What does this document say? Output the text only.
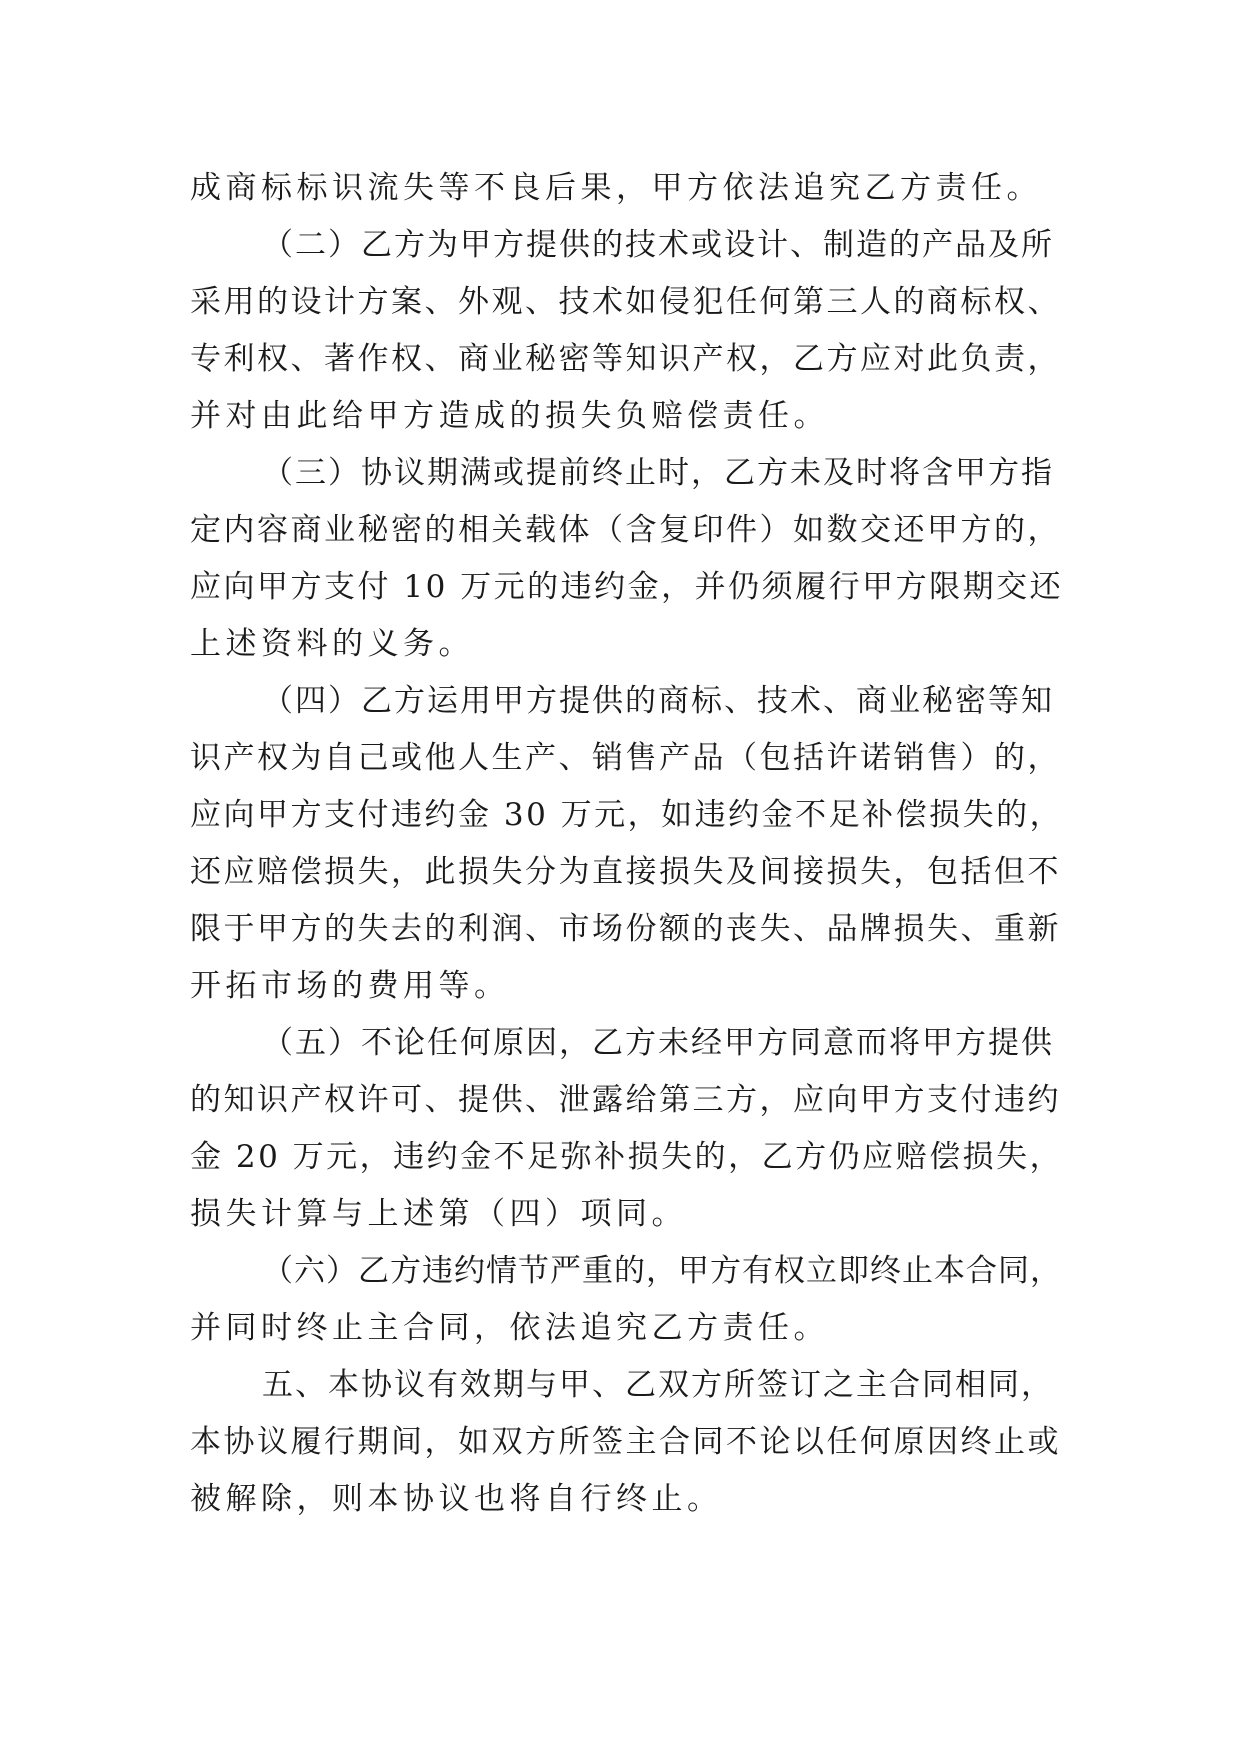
成商标标识流失等不良后果，甲方依法追究乙方责任。
（二）乙方为甲方提供的技术或设计、制造的产品及所
采用的设计方案、外观、技术如侵犯任何第三人的商标权、
专利权、著作权、商业秘密等知识产权，乙方应对此负责，
并对由此给甲方造成的损失负赔偿责任。
（三）协议期满或提前终止时，乙方未及时将含甲方指
定内容商业秘密的相关载体（含复印件）如数交还甲方的，
应向甲方支付 10 万元的违约金，并仍须履行甲方限期交还
上述资料的义务。
（四）乙方运用甲方提供的商标、技术、商业秘密等知
识产权为自己或他人生产、销售产品（包括许诺销售）的，
应向甲方支付违约金 30 万元，如违约金不足补偿损失的，
还应赔偿损失，此损失分为直接损失及间接损失，包括但不
限于甲方的失去的利润、市场份额的丧失、品牌损失、重新
开拓市场的费用等。
（五）不论任何原因，乙方未经甲方同意而将甲方提供
的知识产权许可、提供、泄露给第三方，应向甲方支付违约
金 20 万元，违约金不足弥补损失的，乙方仍应赔偿损失，
损失计算与上述第（四）项同。
（六）乙方违约情节严重的，甲方有权立即终止本合同，
并同时终止主合同，依法追究乙方责任。
五、本协议有效期与甲、乙双方所签订之主合同相同，
本协议履行期间，如双方所签主合同不论以任何原因终止或
被解除，则本协议也将自行终止。
